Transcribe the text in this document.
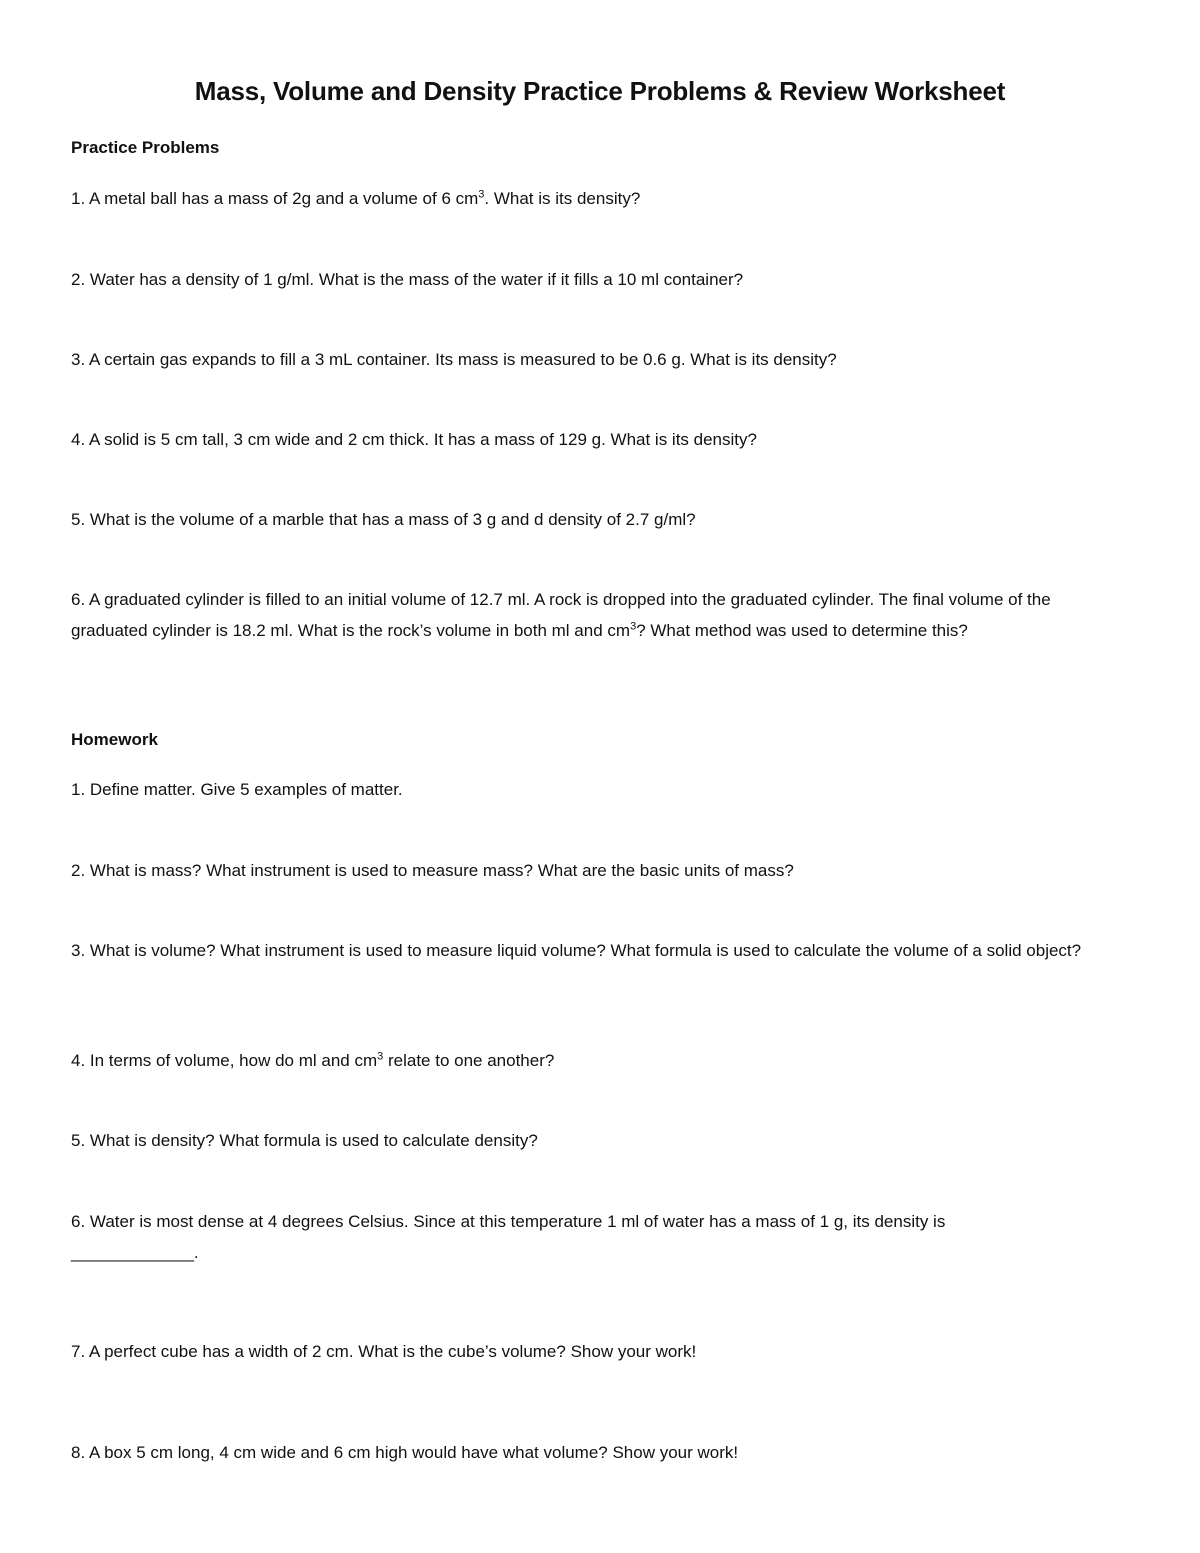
Mass, Volume and Density Practice Problems & Review Worksheet
Practice Problems
1. A metal ball has a mass of 2g and a volume of 6 $cm^3$. What is its density?
2. Water has a density of 1 g/ml. What is the mass of the water if it fills a 10 ml container?
3. A certain gas expands to fill a 3 mL container. Its mass is measured to be 0.6 g. What is its density?
4. A solid is 5 cm tall, 3 cm wide and 2 cm thick. It has a mass of 129 g. What is its density?
5. What is the volume of a marble that has a mass of 3 g and d density of 2.7 g/ml?
6. A graduated cylinder is filled to an initial volume of 12.7 ml. A rock is dropped into the graduated cylinder. The final volume of the graduated cylinder is 18.2 ml. What is the rock’s volume in both ml and $cm^3$? What method was used to determine this?
Homework
1. Define matter. Give 5 examples of matter.
2. What is mass? What instrument is used to measure mass? What are the basic units of mass?
3. What is volume? What instrument is used to measure liquid volume? What formula is used to calculate the volume of a solid object?
4. In terms of volume, how do ml and $cm^3$ relate to one another?
5. What is density? What formula is used to calculate density?
6. Water is most dense at 4 degrees Celsius. Since at this temperature 1 ml of water has a mass of 1 g, its density is
_____________.
7. A perfect cube has a width of 2 cm. What is the cube’s volume? Show your work!
8. A box 5 cm long, 4 cm wide and 6 cm high would have what volume? Show your work!
